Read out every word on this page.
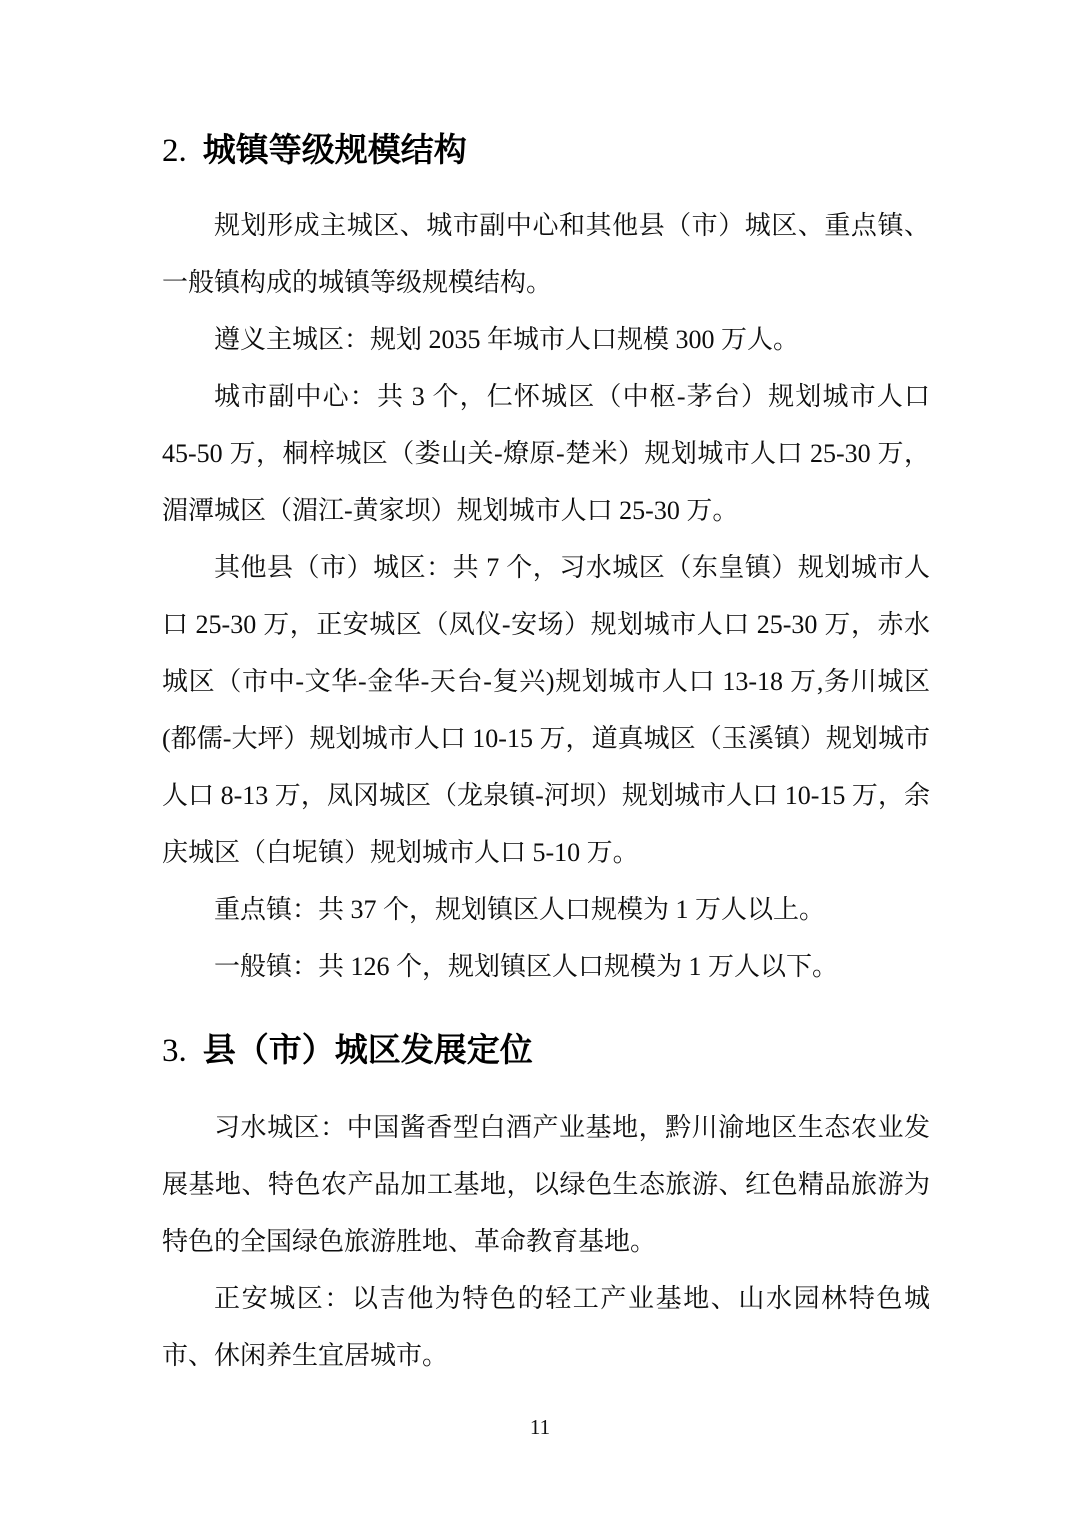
2. 城镇等级规模结构

规划形成主城区、城市副中心和其他县（市）城区、重点镇、一般镇构成的城镇等级规模结构。

遵义主城区：规划 2035 年城市人口规模 300 万人。

城市副中心：共 3 个，仁怀城区（中枢-茅台）规划城市人口 45-50 万，桐梓城区（娄山关-燎原-楚米）规划城市人口 25-30 万，湄潭城区（湄江-黄家坝）规划城市人口 25-30 万。

其他县（市）城区：共 7 个，习水城区（东皇镇）规划城市人口 25-30 万，正安城区（凤仪-安场）规划城市人口 25-30 万，赤水城区（市中-文华-金华-天台-复兴)规划城市人口 13-18 万,务川城区(都儒-大坪）规划城市人口 10-15 万，道真城区（玉溪镇）规划城市人口 8-13 万，凤冈城区（龙泉镇-河坝）规划城市人口 10-15 万，余庆城区（白坭镇）规划城市人口 5-10 万。

重点镇：共 37 个，规划镇区人口规模为 1 万人以上。

一般镇：共 126 个，规划镇区人口规模为 1 万人以下。

3. 县（市）城区发展定位

习水城区：中国酱香型白酒产业基地，黔川渝地区生态农业发展基地、特色农产品加工基地，以绿色生态旅游、红色精品旅游为特色的全国绿色旅游胜地、革命教育基地。

正安城区：以吉他为特色的轻工产业基地、山水园林特色城市、休闲养生宜居城市。

11
